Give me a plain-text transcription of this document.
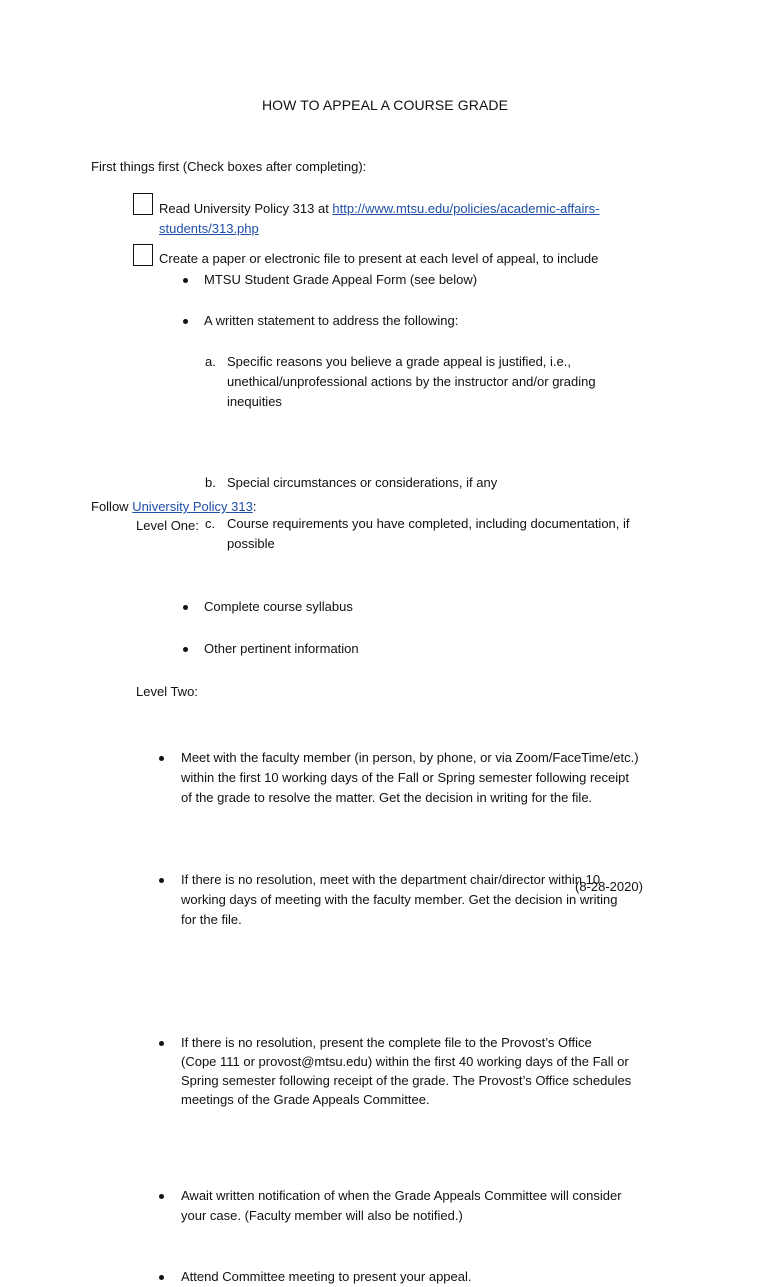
HOW TO APPEAL A COURSE GRADE
First things first (Check boxes after completing):
Read University Policy 313 at http://www.mtsu.edu/policies/academic-affairs-
students/313.php
Create a paper or electronic file to present at each level of appeal, to include
MTSU Student Grade Appeal Form (see below)
A written statement to address the following:
a. Specific reasons you believe a grade appeal is justified, i.e.,
unethical/unprofessional actions by the instructor and/or grading
inequities
b. Special circumstances or considerations, if any
c. Course requirements you have completed, including documentation, if
possible
Complete course syllabus
Other pertinent information
Follow University Policy 313:
Level One:
Meet with the faculty member (in person, by phone, or via Zoom/FaceTime/etc.)
within the first 10 working days of the Fall or Spring semester following receipt
of the grade to resolve the matter. Get the decision in writing for the file.
If there is no resolution, meet with the department chair/director within 10
working days of meeting with the faculty member. Get the decision in writing
for the file.
Level Two:
If there is no resolution, present the complete file to the Provost’s Office
(Cope 111 or provost@mtsu.edu) within the first 40 working days of the Fall or
Spring semester following receipt of the grade. The Provost’s Office schedules
meetings of the Grade Appeals Committee.
Await written notification of when the Grade Appeals Committee will consider
your case. (Faculty member will also be notified.)
Attend Committee meeting to present your appeal.
(8-28-2020)
